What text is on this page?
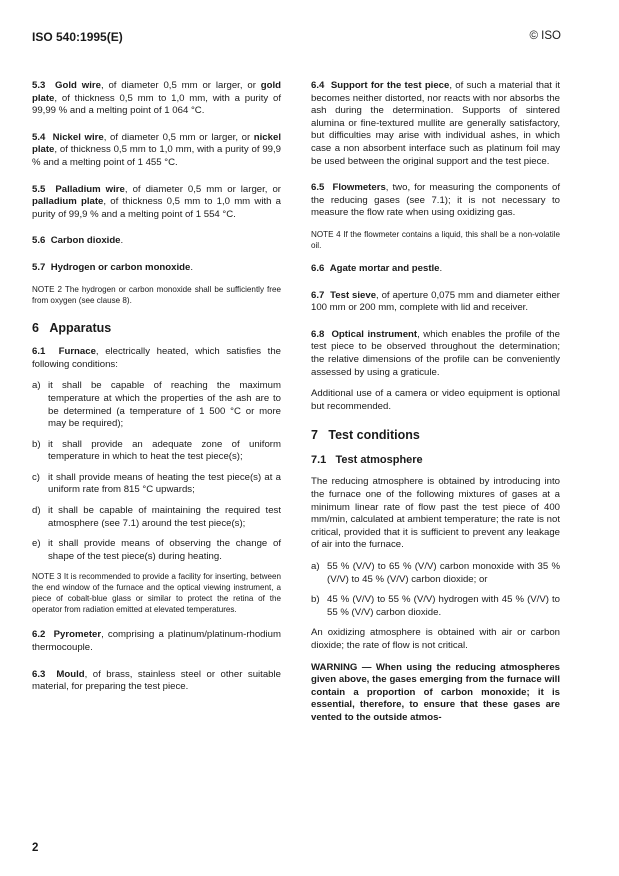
ISO 540:1995(E)	© ISO

5.3 Gold wire, of diameter 0,5 mm or larger, or gold plate, of thickness 0,5 mm to 1,0 mm, with a purity of 99,99 % and a melting point of 1 064 °C.

5.4 Nickel wire, of diameter 0,5 mm or larger, or nickel plate, of thickness 0,5 mm to 1,0 mm, with a purity of 99,9 % and a melting point of 1 455 °C.

5.5 Palladium wire, of diameter 0,5 mm or larger, or palladium plate, of thickness 0,5 mm to 1,0 mm with a purity of 99,9 % and a melting point of 1 554 °C.

5.6 Carbon dioxide.

5.7 Hydrogen or carbon monoxide.

NOTE 2 The hydrogen or carbon monoxide shall be sufficiently free from oxygen (see clause 8).

6 Apparatus

6.1 Furnace, electrically heated, which satisfies the following conditions:

a) it shall be capable of reaching the maximum temperature at which the properties of the ash are to be determined (a temperature of 1 500 °C or more may be required);
b) it shall provide an adequate zone of uniform temperature in which to heat the test piece(s);
c) it shall provide means of heating the test piece(s) at a uniform rate from 815 °C upwards;
d) it shall be capable of maintaining the required test atmosphere (see 7.1) around the test piece(s);
e) it shall provide means of observing the change of shape of the test piece(s) during heating.

NOTE 3 It is recommended to provide a facility for inserting, between the end window of the furnace and the optical viewing instrument, a piece of cobalt-blue glass or similar to protect the retina of the operator from radiation emitted at elevated temperatures.

6.2 Pyrometer, comprising a platinum/platinum-rhodium thermocouple.

6.3 Mould, of brass, stainless steel or other suitable material, for preparing the test piece.

6.4 Support for the test piece, of such a material that it becomes neither distorted, nor reacts with nor absorbs the ash during the determination. Supports of sintered alumina or fine-textured mullite are generally satisfactory, but difficulties may arise with individual ashes, in which case a non absorbent interface such as platinum foil may be used between the original support and the test piece.

6.5 Flowmeters, two, for measuring the components of the reducing gases (see 7.1); it is not necessary to measure the flow rate when using oxidizing gas.

NOTE 4 If the flowmeter contains a liquid, this shall be a non-volatile oil.

6.6 Agate mortar and pestle.

6.7 Test sieve, of aperture 0,075 mm and diameter either 100 mm or 200 mm, complete with lid and receiver.

6.8 Optical instrument, which enables the profile of the test piece to be observed throughout the determination; the relative dimensions of the profile can be conveniently assessed by using a graticule.

Additional use of a camera or video equipment is optional but recommended.

7 Test conditions
7.1 Test atmosphere

The reducing atmosphere is obtained by introducing into the furnace one of the following mixtures of gases at a minimum linear rate of flow past the test piece of 400 mm/min, calculated at ambient temperature; the rate is not critical, provided that it is sufficient to prevent any leakage of air into the furnace.

a) 55 % (V/V) to 65 % (V/V) carbon monoxide with 35 % (V/V) to 45 % (V/V) carbon dioxide; or
b) 45 % (V/V) to 55 % (V/V) hydrogen with 45 % (V/V) to 55 % (V/V) carbon dioxide.

An oxidizing atmosphere is obtained with air or carbon dioxide; the rate of flow is not critical.

WARNING — When using the reducing atmospheres given above, the gases emerging from the furnace will contain a proportion of carbon monoxide; it is essential, therefore, to ensure that these gases are vented to the outside atmos-

2
